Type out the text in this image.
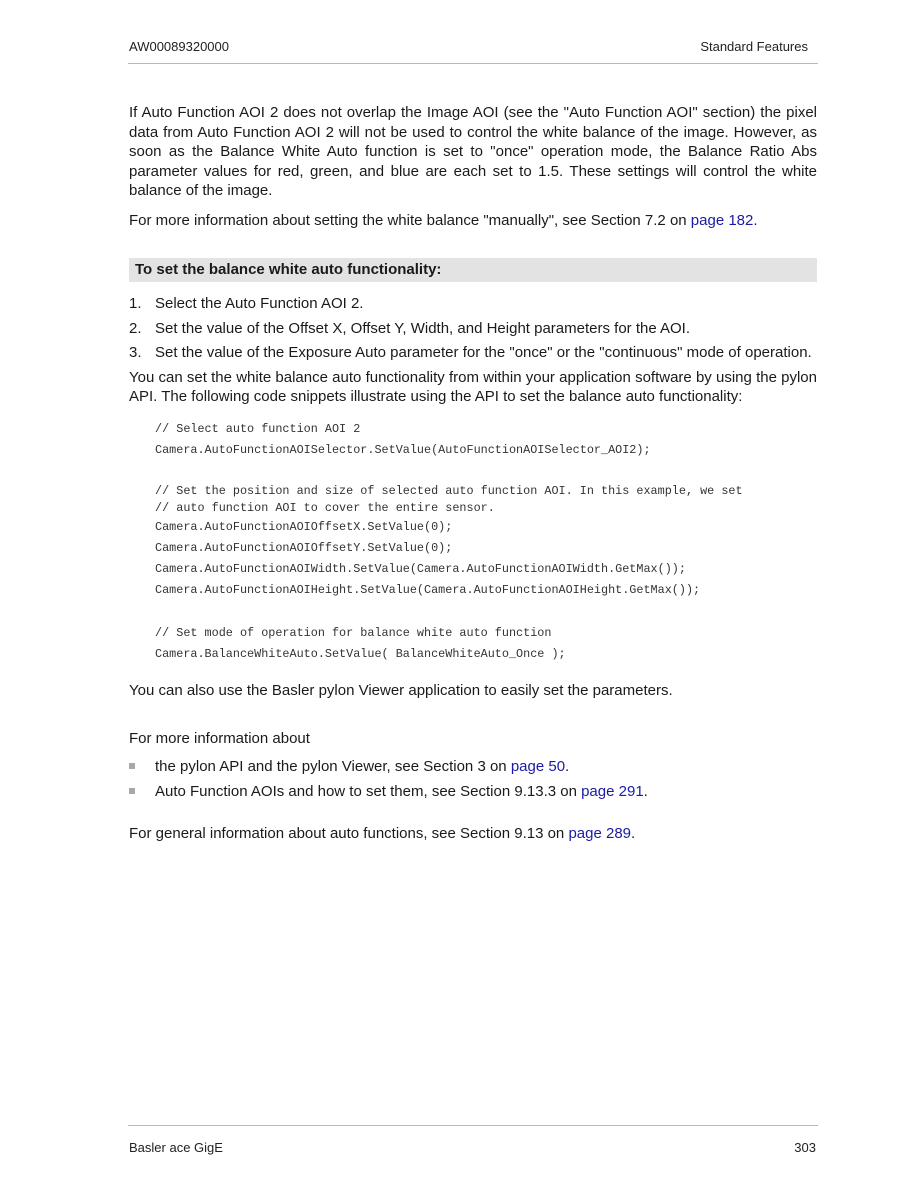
AW00089320000	Standard Features

If Auto Function AOI 2 does not overlap the Image AOI (see the "Auto Function AOI" section) the pixel data from Auto Function AOI 2 will not be used to control the white balance of the image. However, as soon as the Balance White Auto function is set to "once" operation mode, the Balance Ratio Abs parameter values for red, green, and blue are each set to 1.5. These settings will control the white balance of the image.

For more information about setting the white balance "manually", see Section 7.2 on page 182.

To set the balance white auto functionality:
1. Select the Auto Function AOI 2.
2. Set the value of the Offset X, Offset Y, Width, and Height parameters for the AOI.
3. Set the value of the Exposure Auto parameter for the "once" or the "continuous" mode of operation.

You can set the white balance auto functionality from within your application software by using the pylon API. The following code snippets illustrate using the API to set the balance auto functionality:

// Select auto function AOI 2
Camera.AutoFunctionAOISelector.SetValue(AutoFunctionAOISelector_AOI2);
// Set the position and size of selected auto function AOI. In this example, we set
// auto function AOI to cover the entire sensor.
Camera.AutoFunctionAOIOffsetX.SetValue(0);
Camera.AutoFunctionAOIOffsetY.SetValue(0);
Camera.AutoFunctionAOIWidth.SetValue(Camera.AutoFunctionAOIWidth.GetMax());
Camera.AutoFunctionAOIHeight.SetValue(Camera.AutoFunctionAOIHeight.GetMax());
// Set mode of operation for balance white auto function
Camera.BalanceWhiteAuto.SetValue( BalanceWhiteAuto_Once );

You can also use the Basler pylon Viewer application to easily set the parameters.

For more information about

the pylon API and the pylon Viewer, see Section 3 on page 50.
Auto Function AOIs and how to set them, see Section 9.13.3 on page 291.

For general information about auto functions, see Section 9.13 on page 289.

Basler ace GigE	303
